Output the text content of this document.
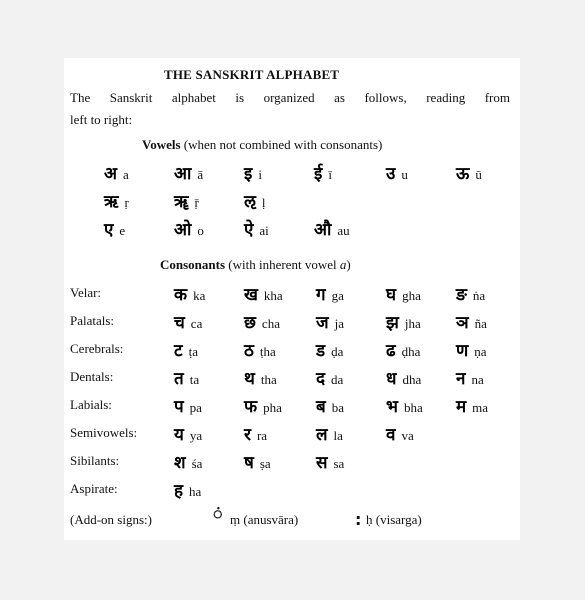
THE SANSKRIT ALPHABET
The Sanskrit alphabet is organized as follows, reading from
left to right:
Vowels (when not combined with consonants)
अ a	आ ā इ i	ई ī	उ u	ऊ ū
ऋ ṛ	ॠ ṝ	ऌ ḷ
ए e	ओ o ऐ ai	औ au
Consonants (with inherent vowel a)
Velar:	क ka ख kha ग ga घ gha ङ ṅa
Palatals:	च ca छ cha ज ja झ jha ञ ña
Cerebrals:	ट ṭa	ठ ṭha ड ḍa	ढ ḍha ण ṇa
Dentals:	त ta	थ tha द da	ध dha न na
Labials:	प pa फ pha ब ba भ bha म ma
Semivowels: य ya र ra	ल la	व va
Sibilants:	श śa ष ṣa	स sa
Aspirate:	ह ha
(Add-on signs:)	ं ṃ (anusvāra)	: ḥ (visarga)
